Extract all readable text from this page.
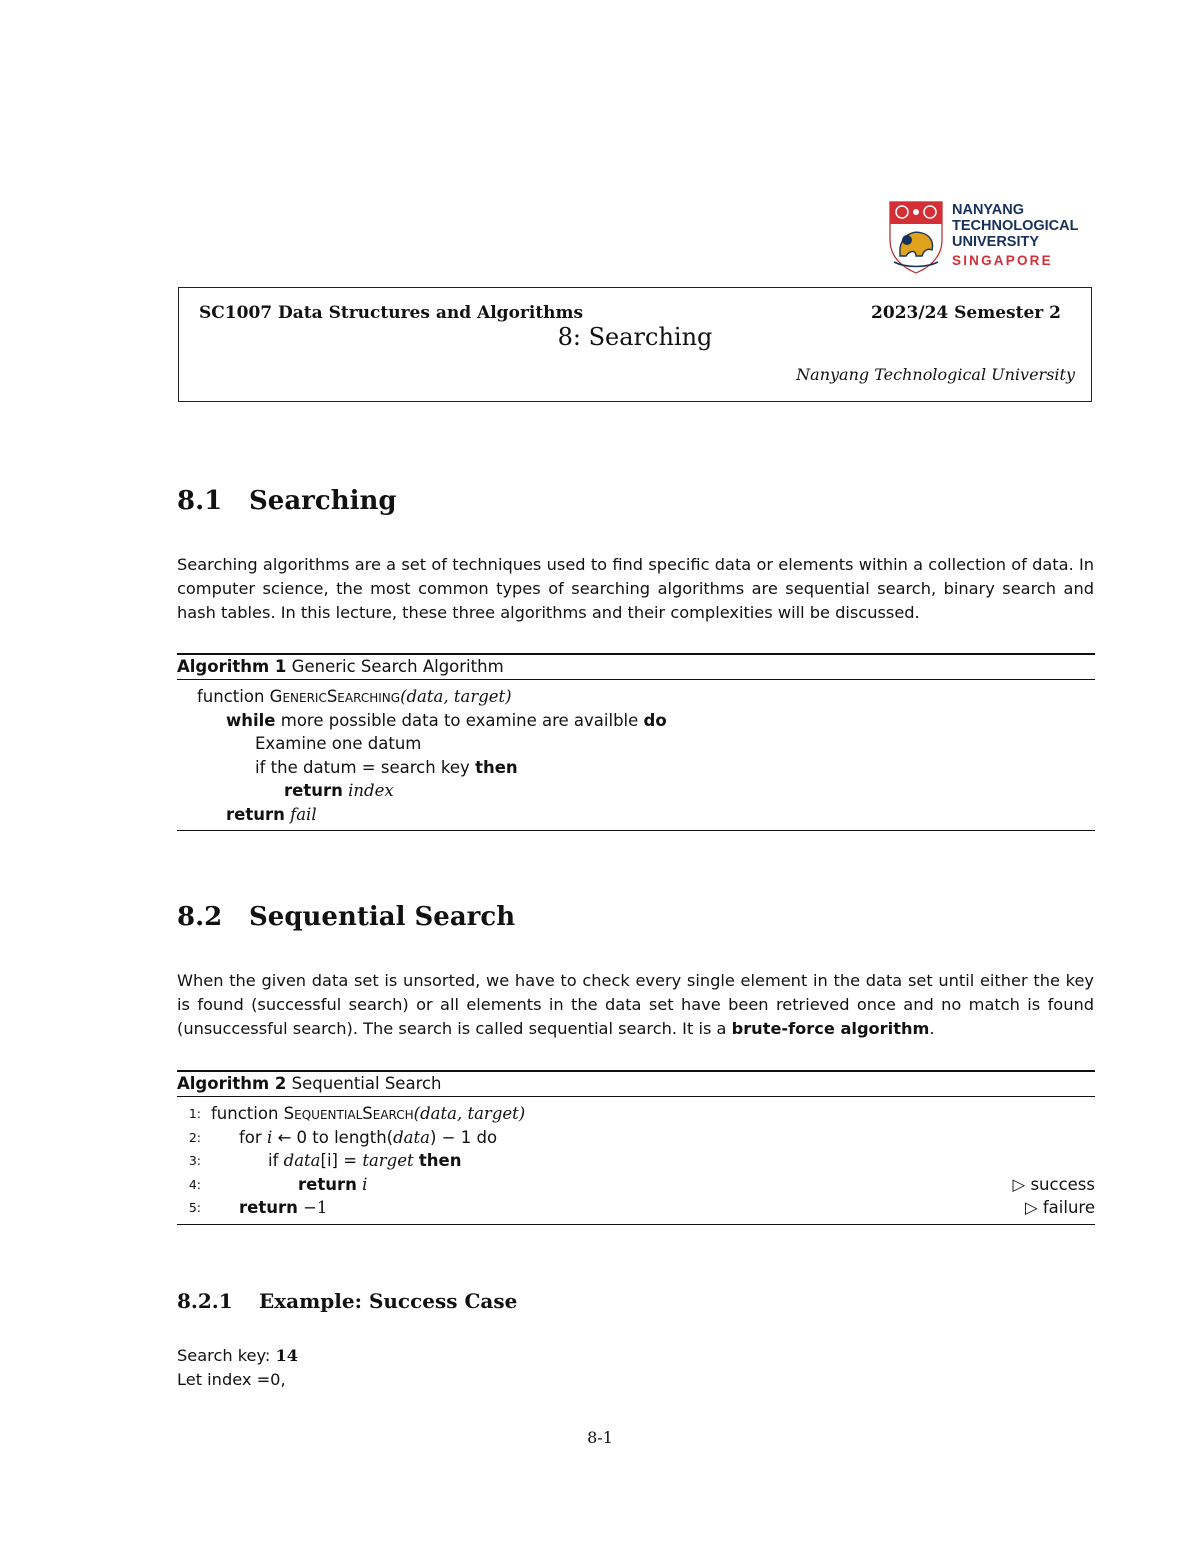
NANYANG
TECHNOLOGICAL
UNIVERSITY
SINGAPORE
SC1007 Data Structures and Algorithms	2023/24 Semester 2
8: Searching
Nanyang Technological University
8.1 Searching
Searching algorithms are a set of techniques used to find specific data or elements within a collection of data. In computer science, the most common types of searching algorithms are sequential search, binary search and hash tables. In this lecture, these three algorithms and their complexities will be discussed.
Algorithm 1 Generic Search Algorithm
function GenericSearching(data, target)
while more possible data to examine are availble do
Examine one datum
if the datum = search key then
return index
return fail
8.2 Sequential Search
When the given data set is unsorted, we have to check every single element in the data set until either the key is found (successful search) or all elements in the data set have been retrieved once and no match is found (unsuccessful search). The search is called sequential search. It is a brute-force algorithm.
Algorithm 2 Sequential Search
1: function SequentialSearch(data, target)
2: for i ← 0 to length(data) − 1 do
3:	if data[i] = target then
4:	return i	▷ success
5: return −1	▷ failure
8.2.1 Example: Success Case
Search key: 14
Let index =0,
8-1
